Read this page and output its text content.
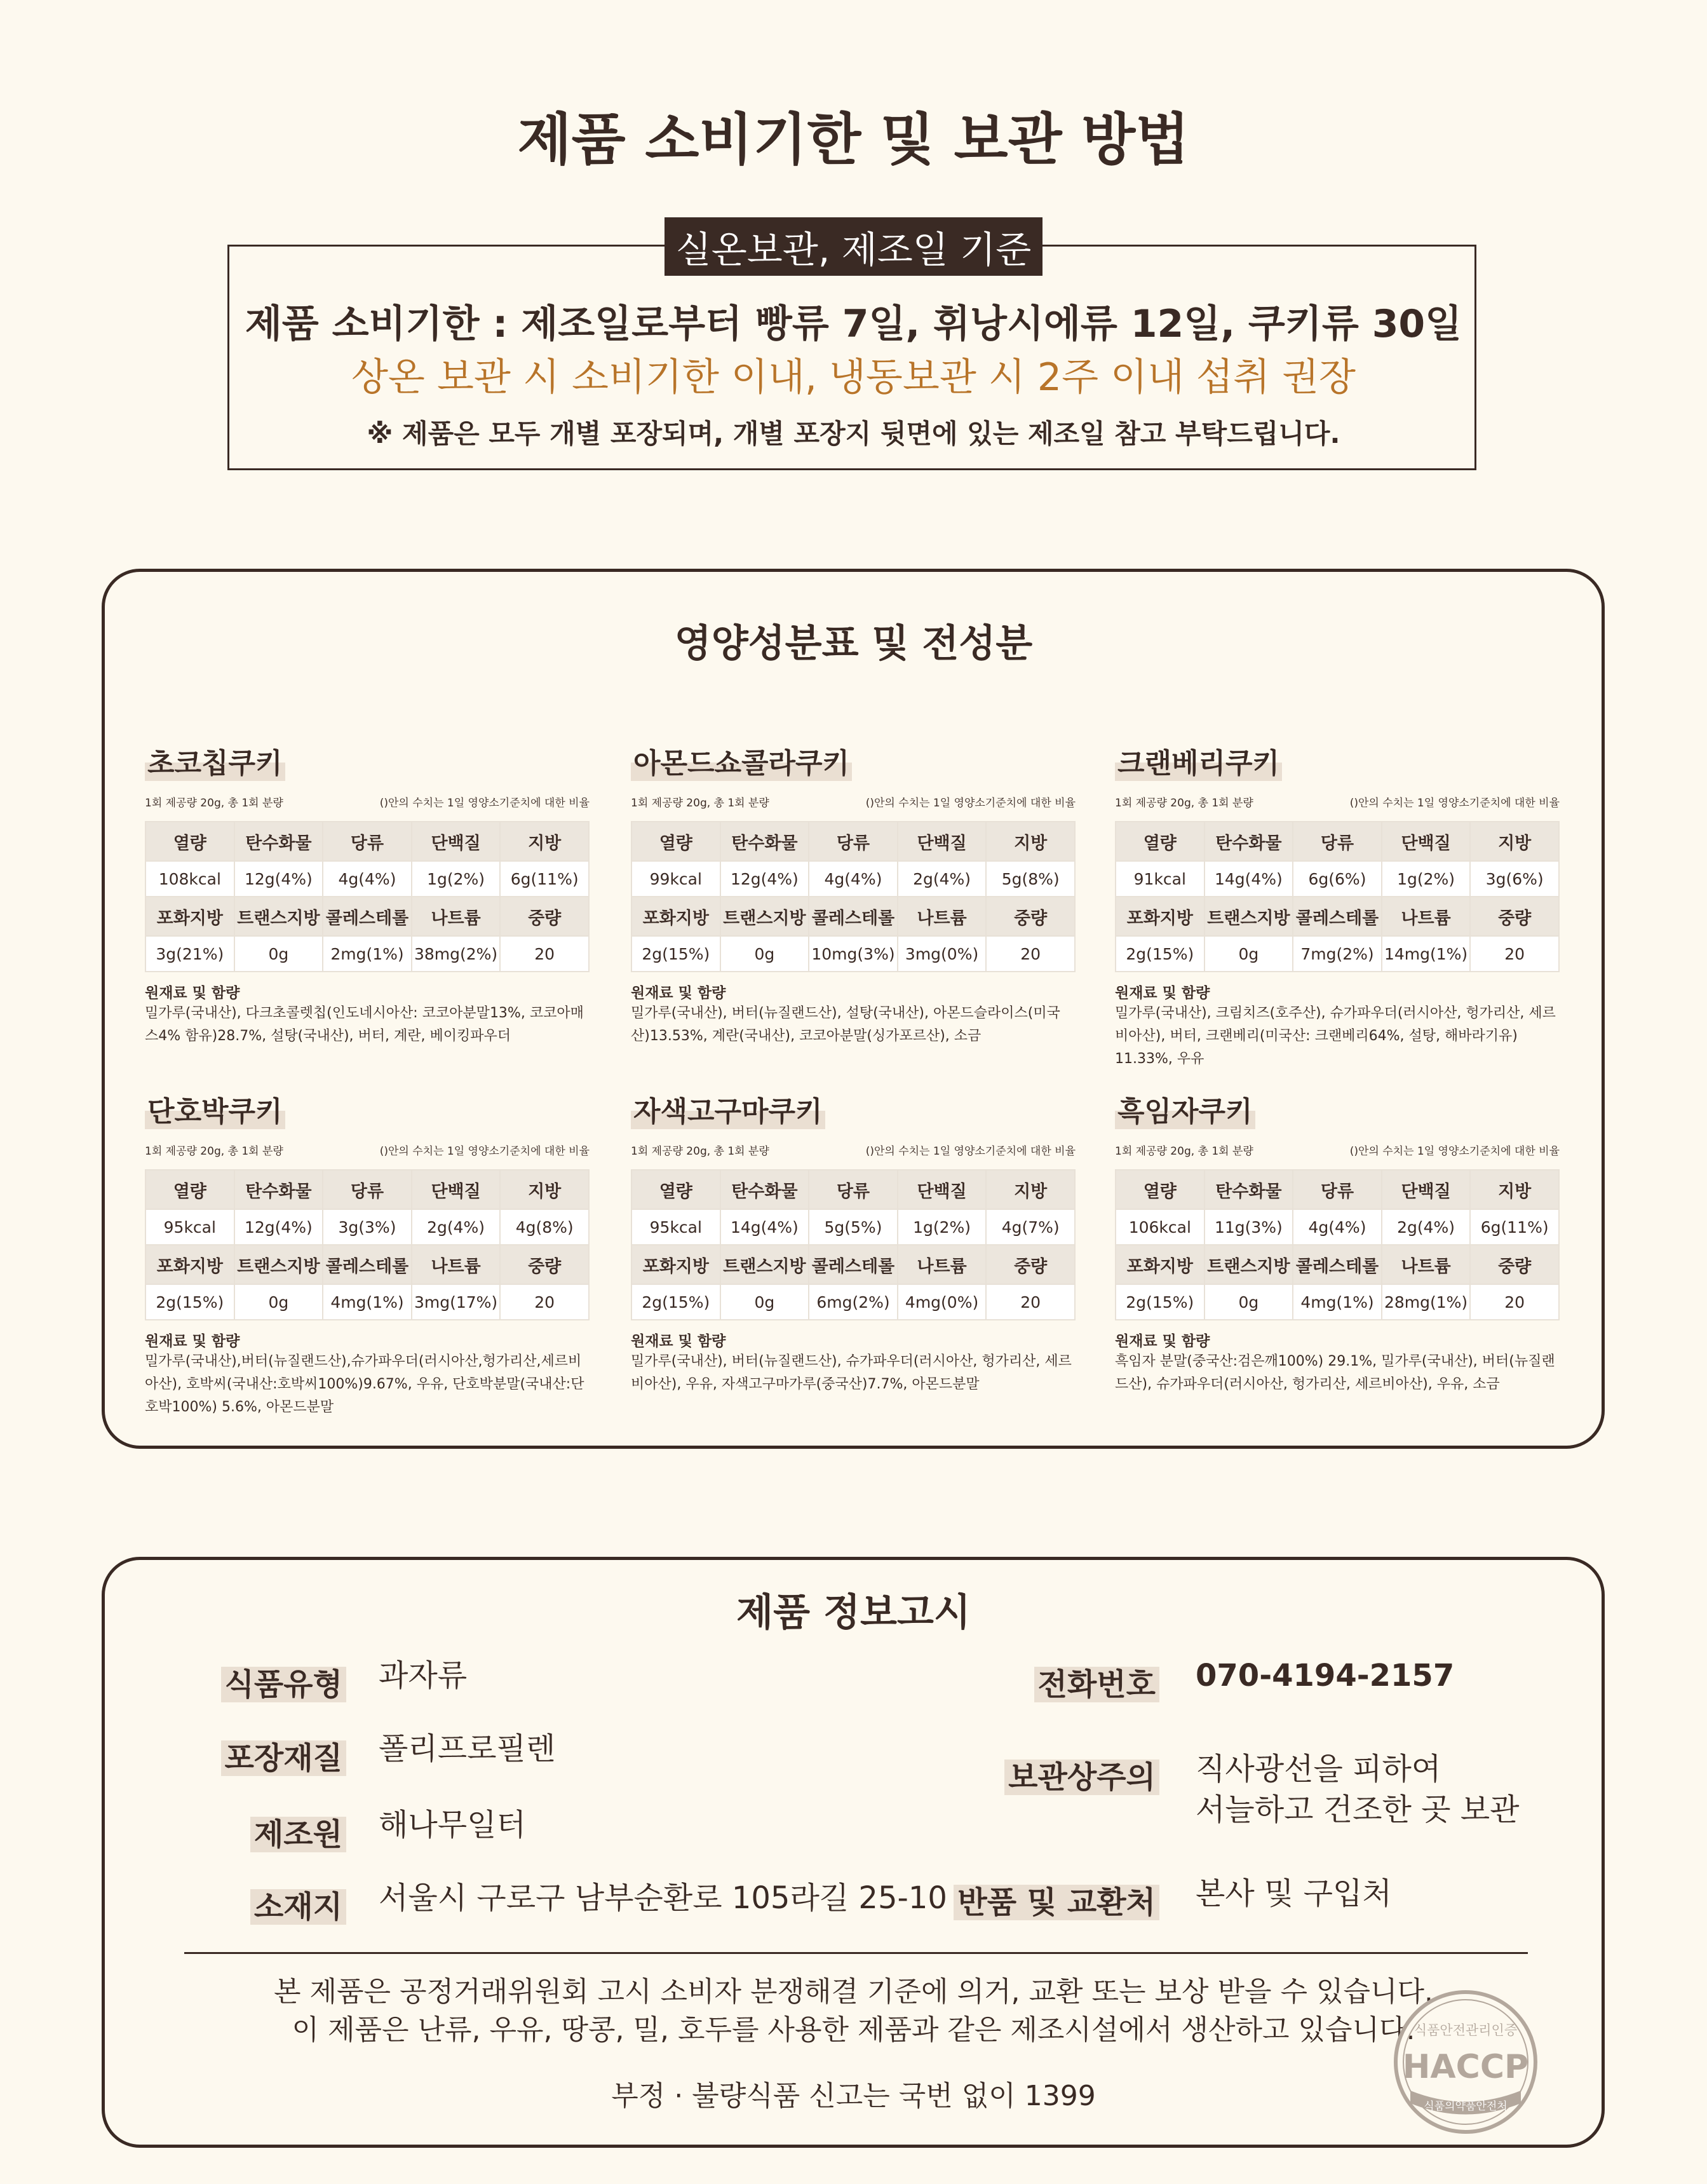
제품 소비기한 및 보관 방법
실온보관, 제조일 기준
제품 소비기한 : 제조일로부터 빵류 7일, 휘낭시에류 12일, 쿠키류 30일
상온 보관 시 소비기한 이내, 냉동보관 시 2주 이내 섭취 권장
※ 제품은 모두 개별 포장되며, 개별 포장지 뒷면에 있는 제조일 참고 부탁드립니다.
영양성분표 및 전성분
초코칩쿠키
1회 제공량 20g, 총 1회 분량	()안의 수치는 1일 영양소기준치에 대한 비율
열량	탄수화물	당류	단백질	지방
108kcal	12g(4%)	4g(4%)	1g(2%)	6g(11%)
포화지방	트랜스지방	콜레스테롤	나트륨	중량
3g(21%)	0g	2mg(1%)	38mg(2%)	20
원재료 및 함량
밀가루(국내산), 다크초콜렛칩(인도네시아산: 코코아분말13%, 코코아매스4% 함유)28.7%, 설탕(국내산), 버터, 계란, 베이킹파우더
아몬드쇼콜라쿠키
1회 제공량 20g, 총 1회 분량	()안의 수치는 1일 영양소기준치에 대한 비율
열량	탄수화물	당류	단백질	지방
99kcal	12g(4%)	4g(4%)	2g(4%)	5g(8%)
포화지방	트랜스지방	콜레스테롤	나트륨	중량
2g(15%)	0g	10mg(3%)	3mg(0%)	20
원재료 및 함량
밀가루(국내산), 버터(뉴질랜드산), 설탕(국내산), 아몬드슬라이스(미국산)13.53%, 계란(국내산), 코코아분말(싱가포르산), 소금
크랜베리쿠키
1회 제공량 20g, 총 1회 분량	()안의 수치는 1일 영양소기준치에 대한 비율
열량	탄수화물	당류	단백질	지방
91kcal	14g(4%)	6g(6%)	1g(2%)	3g(6%)
포화지방	트랜스지방	콜레스테롤	나트륨	중량
2g(15%)	0g	7mg(2%)	14mg(1%)	20
원재료 및 함량
밀가루(국내산), 크림치즈(호주산), 슈가파우더(러시아산, 헝가리산, 세르비아산), 버터, 크랜베리(미국산: 크랜베리64%, 설탕, 해바라기유) 11.33%, 우유
단호박쿠키
1회 제공량 20g, 총 1회 분량	()안의 수치는 1일 영양소기준치에 대한 비율
열량	탄수화물	당류	단백질	지방
95kcal	12g(4%)	3g(3%)	2g(4%)	4g(8%)
포화지방	트랜스지방	콜레스테롤	나트륨	중량
2g(15%)	0g	4mg(1%)	3mg(17%)	20
원재료 및 함량
밀가루(국내산),버터(뉴질랜드산),슈가파우더(러시아산,헝가리산,세르비아산), 호박씨(국내산:호박씨100%)9.67%, 우유, 단호박분말(국내산:단호박100%) 5.6%, 아몬드분말
자색고구마쿠키
1회 제공량 20g, 총 1회 분량	()안의 수치는 1일 영양소기준치에 대한 비율
열량	탄수화물	당류	단백질	지방
95kcal	14g(4%)	5g(5%)	1g(2%)	4g(7%)
포화지방	트랜스지방	콜레스테롤	나트륨	중량
2g(15%)	0g	6mg(2%)	4mg(0%)	20
원재료 및 함량
밀가루(국내산), 버터(뉴질랜드산), 슈가파우더(러시아산, 헝가리산, 세르비아산), 우유, 자색고구마가루(중국산)7.7%, 아몬드분말
흑임자쿠키
1회 제공량 20g, 총 1회 분량	()안의 수치는 1일 영양소기준치에 대한 비율
열량	탄수화물	당류	단백질	지방
106kcal	11g(3%)	4g(4%)	2g(4%)	6g(11%)
포화지방	트랜스지방	콜레스테롤	나트륨	중량
2g(15%)	0g	4mg(1%)	28mg(1%)	20
원재료 및 함량
흑임자 분말(중국산:검은깨100%) 29.1%, 밀가루(국내산), 버터(뉴질랜드산), 슈가파우더(러시아산, 헝가리산, 세르비아산), 우유, 소금
제품 정보고시
식품유형 과자류
포장재질 폴리프로필렌
제조원 해나무일터
소재지 서울시 구로구 남부순환로 105라길 25-10
전화번호 070-4194-2157
보관상주의 직사광선을 피하여
서늘하고 건조한 곳 보관
반품 및 교환처 본사 및 구입처
본 제품은 공정거래위원회 고시 소비자 분쟁해결 기준에 의거, 교환 또는 보상 받을 수 있습니다.
이 제품은 난류, 우유, 땅콩, 밀, 호두를 사용한 제품과 같은 제조시설에서 생산하고 있습니다.
부정 · 불량식품 신고는 국번 없이 1399
식품안전관리인증
HACCP
식품의약품안전처
